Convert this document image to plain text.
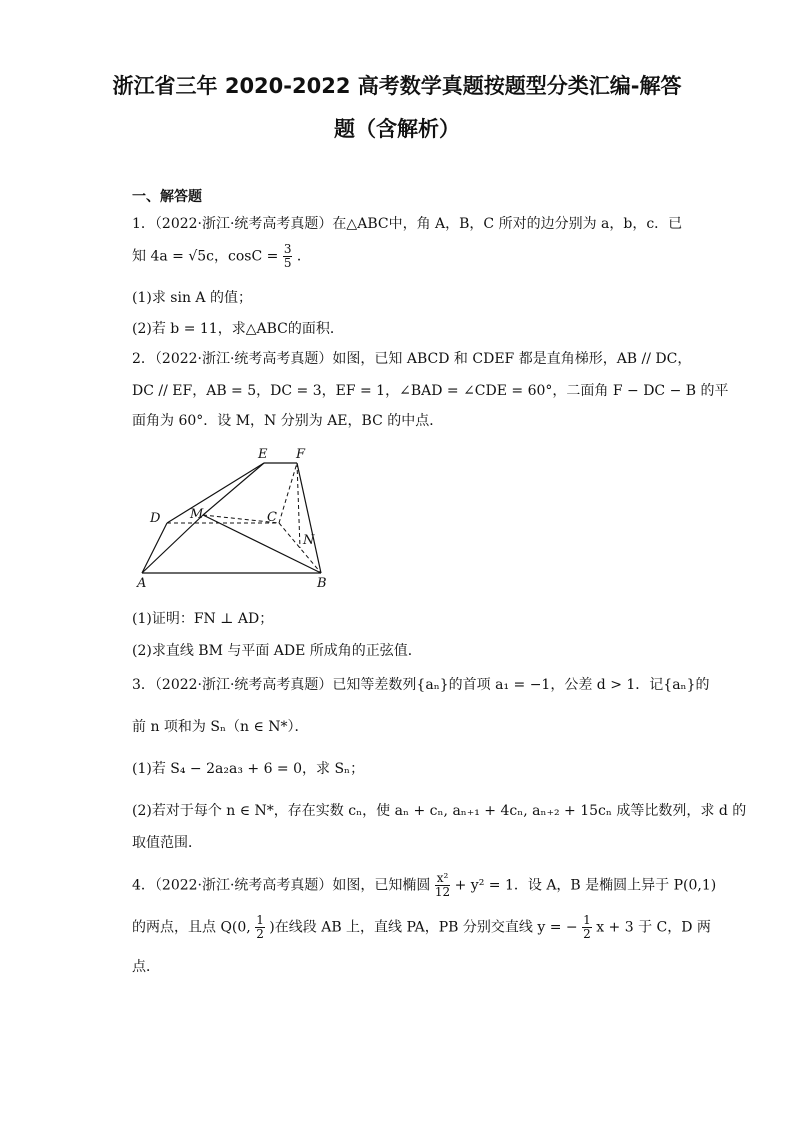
浙江省三年 2020-2022 高考数学真题按题型分类汇编-解答
题（含解析）
一、解答题
1．（2022·浙江·统考高考真题）在△ABC中，角 A，B，C 所对的边分别为 a，b，c．已
知 4a = √5c，$\cos C = \frac{3}{5}$ ．
(1)求 sin A 的值；
(2)若 b = 11，求△ABC的面积．
2．（2022·浙江·统考高考真题）如图，已知 ABCD 和 CDEF 都是直角梯形，AB // DC，
DC // EF，AB = 5，DC = 3，EF = 1，∠BAD = ∠CDE = 60°，二面角 F − DC − B 的平
面角为 60°．设 M，N 分别为 AE，BC 的中点．
E F
D M	C
N
A	B
(1)证明：FN ⊥ AD；
(2)求直线 BM 与平面 ADE 所成角的正弦值．
3．（2022·浙江·统考高考真题）已知等差数列{aₙ}的首项 a₁ = −1，公差 d > 1．记{aₙ}的
前 n 项和为 Sₙ（n ∈ N*）．
(1)若 S₄ − 2a₂a₃ + 6 = 0，求 Sₙ；
(2)若对于每个 n ∈ N*，存在实数 cₙ，使 aₙ + cₙ, aₙ₊₁ + 4cₙ, aₙ₊₂ + 15cₙ 成等比数列，求 d 的
取值范围．
4．（2022·浙江·统考高考真题）如图，已知椭圆 $\frac{\text{x²}}{12} + y^2 = 1$．设 A，B 是椭圆上异于 P(0,1)
的两点，且点 Q(0, $\frac{1}{2}$ )在线段 AB 上，直线 PA，PB 分别交直线 y = − $\frac{1}{2}$ x + 3 于 C，D 两
点．
